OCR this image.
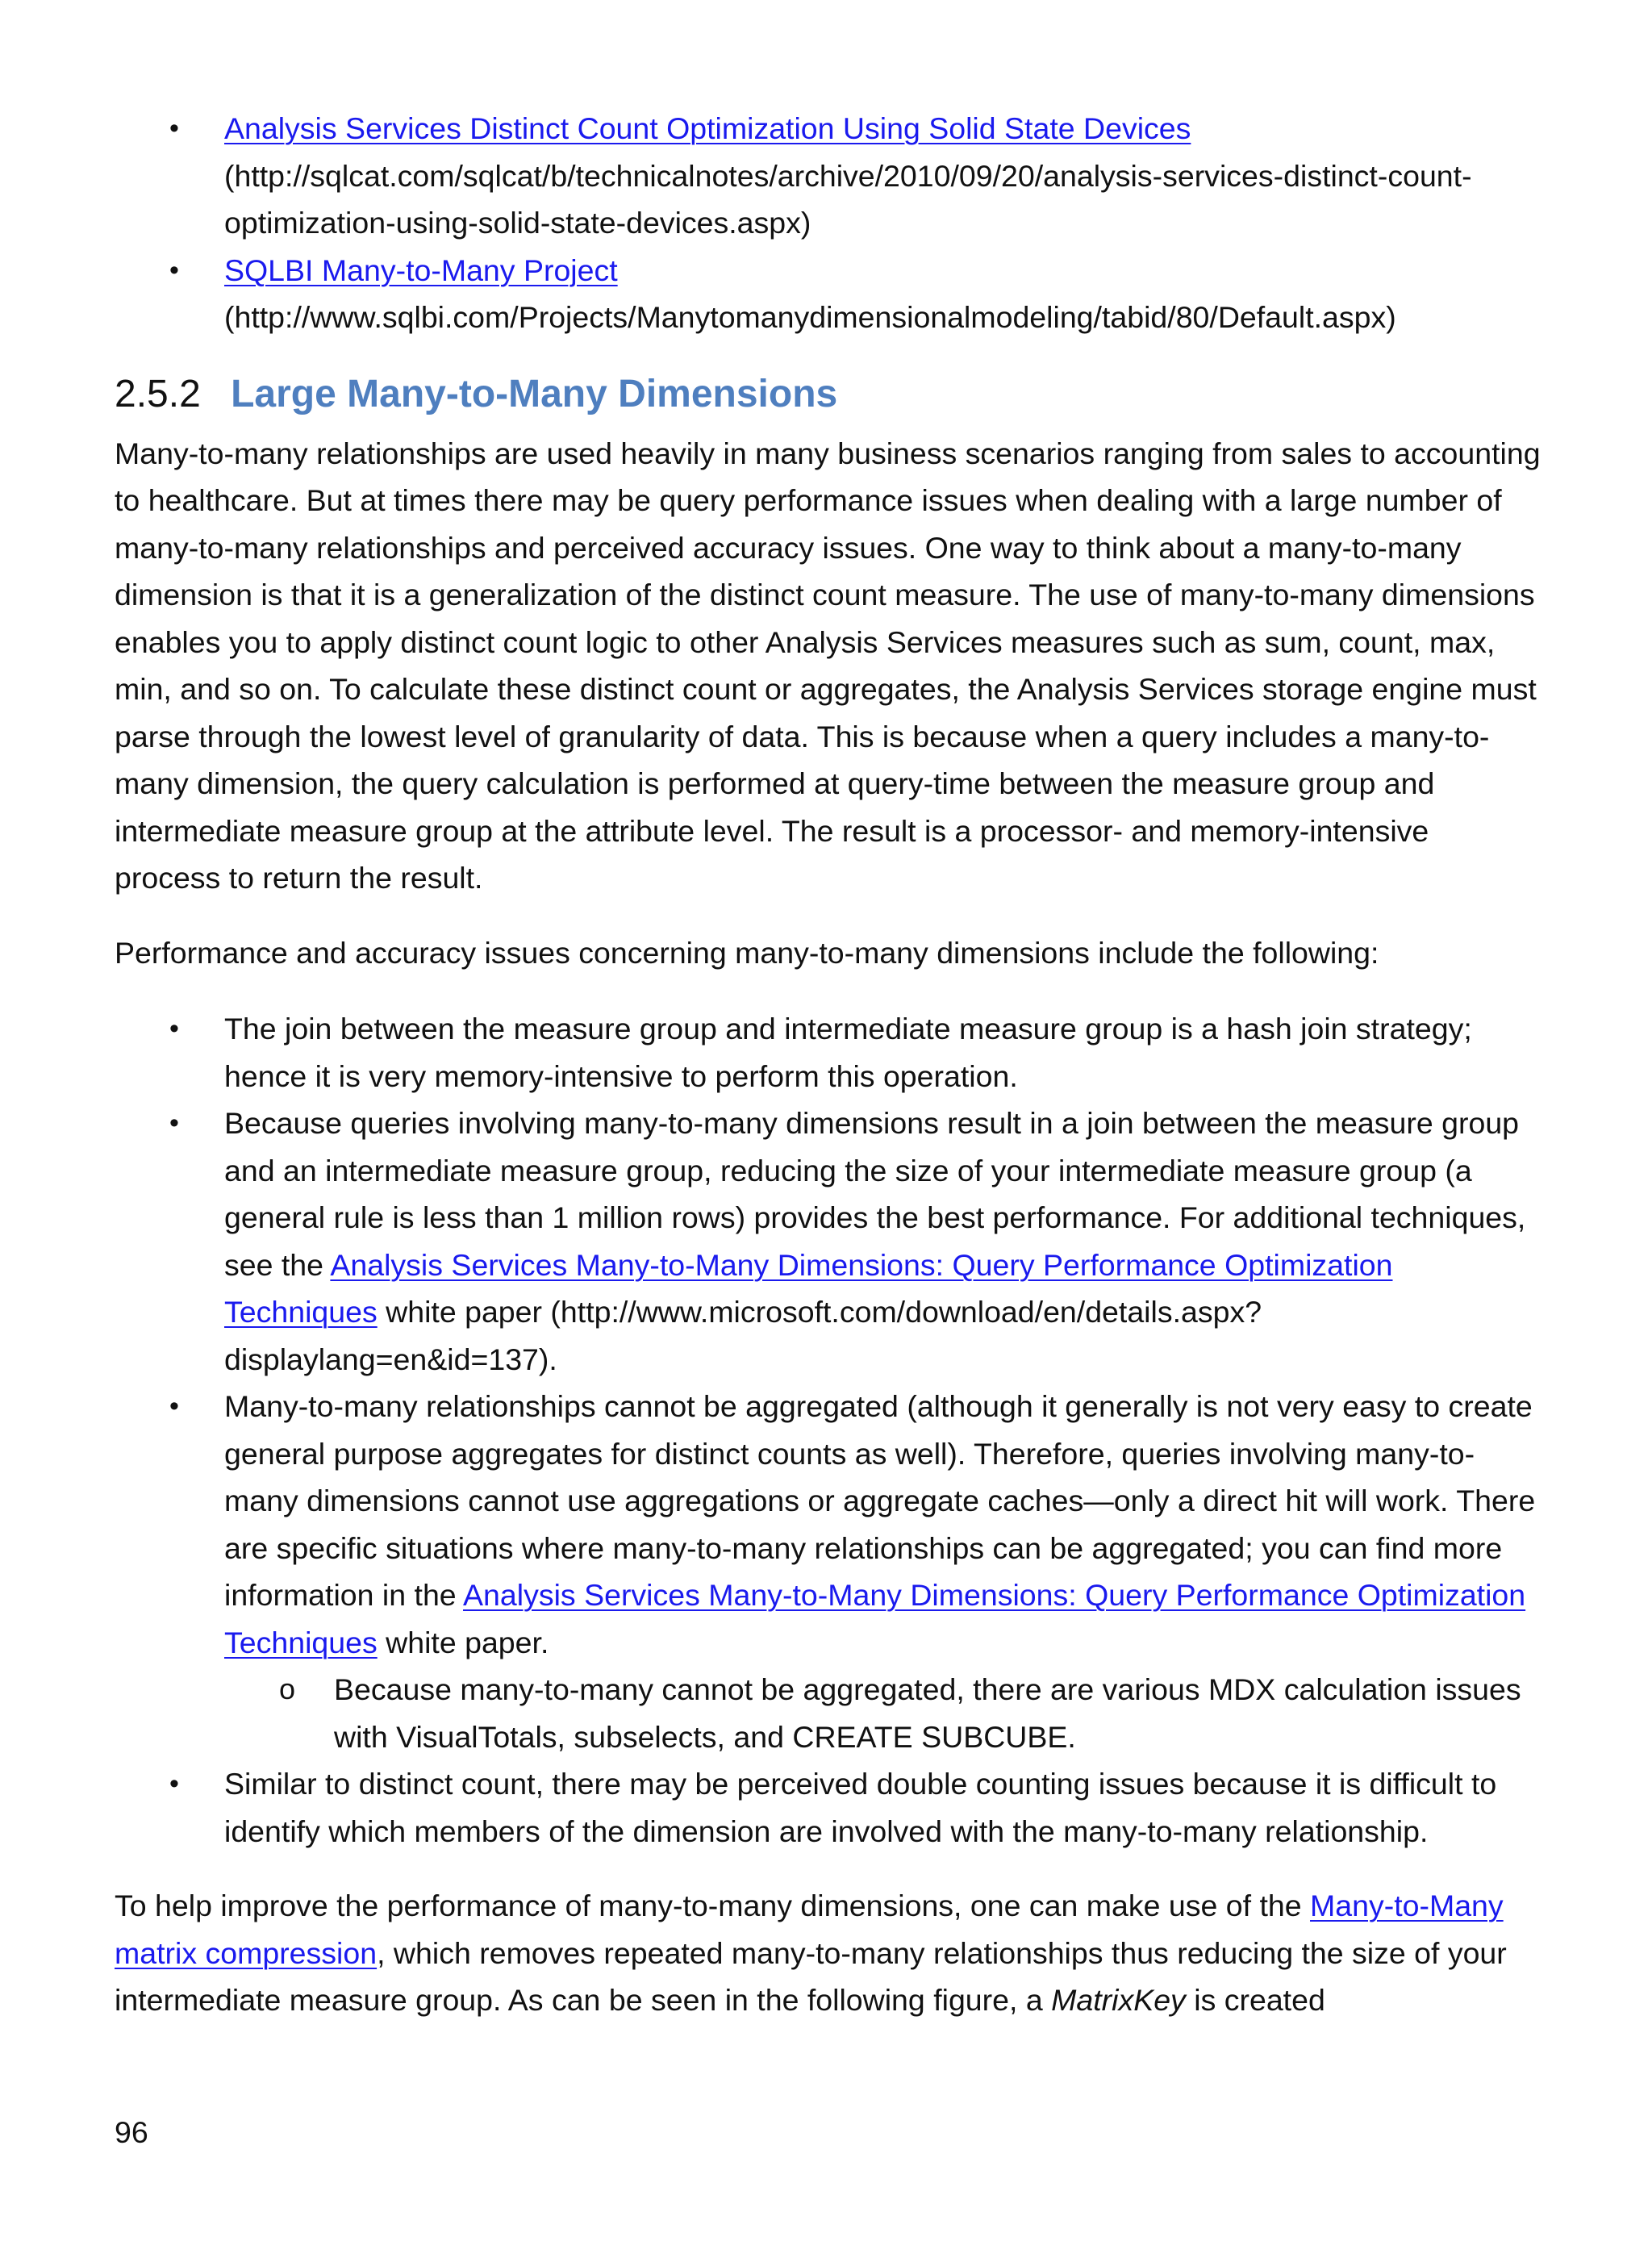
•
Analysis Services Distinct Count Optimization Using Solid State Devices
(http://sqlcat.com/sqlcat/b/technicalnotes/archive/2010/09/20/analysis-services-distinct-count-optimization-using-solid-state-devices.aspx)
•
SQLBI Many-to-Many Project
(http://www.sqlbi.com/Projects/Manytomanydimensionalmodeling/tabid/80/Default.aspx)
2.5.2 Large Many-to-Many Dimensions

Many-to-many relationships are used heavily in many business scenarios ranging from sales to accounting to healthcare. But at times there may be query performance issues when dealing with a large number of many-to-many relationships and perceived accuracy issues. One way to think about a many-to-many dimension is that it is a generalization of the distinct count measure. The use of many-to-many dimensions enables you to apply distinct count logic to other Analysis Services measures such as sum, count, max, min, and so on. To calculate these distinct count or aggregates, the Analysis Services storage engine must parse through the lowest level of granularity of data. This is because when a query includes a many-to-many dimension, the query calculation is performed at query-time between the measure group and intermediate measure group at the attribute level. The result is a processor- and memory-intensive process to return the result.

Performance and accuracy issues concerning many-to-many dimensions include the following:

•
The join between the measure group and intermediate measure group is a hash join strategy; hence it is very memory-intensive to perform this operation.
•
Because queries involving many-to-many dimensions result in a join between the measure group and an intermediate measure group, reducing the size of your intermediate measure group (a general rule is less than 1 million rows) provides the best performance. For additional techniques, see the Analysis Services Many-to-Many Dimensions: Query Performance Optimization Techniques white paper (http://www.microsoft.com/download/en/details.aspx?displaylang=en&id=137).
•
Many-to-many relationships cannot be aggregated (although it generally is not very easy to create general purpose aggregates for distinct counts as well). Therefore, queries involving many-to-many dimensions cannot use aggregations or aggregate caches—only a direct hit will work. There are specific situations where many-to-many relationships can be aggregated; you can find more information in the Analysis Services Many-to-Many Dimensions: Query Performance Optimization Techniques white paper.
o
Because many-to-many cannot be aggregated, there are various MDX calculation issues with VisualTotals, subselects, and CREATE SUBCUBE.
•
Similar to distinct count, there may be perceived double counting issues because it is difficult to identify which members of the dimension are involved with the many-to-many relationship.

To help improve the performance of many-to-many dimensions, one can make use of the Many-to-Many matrix compression, which removes repeated many-to-many relationships thus reducing the size of your intermediate measure group. As can be seen in the following figure, a MatrixKey is created

96
